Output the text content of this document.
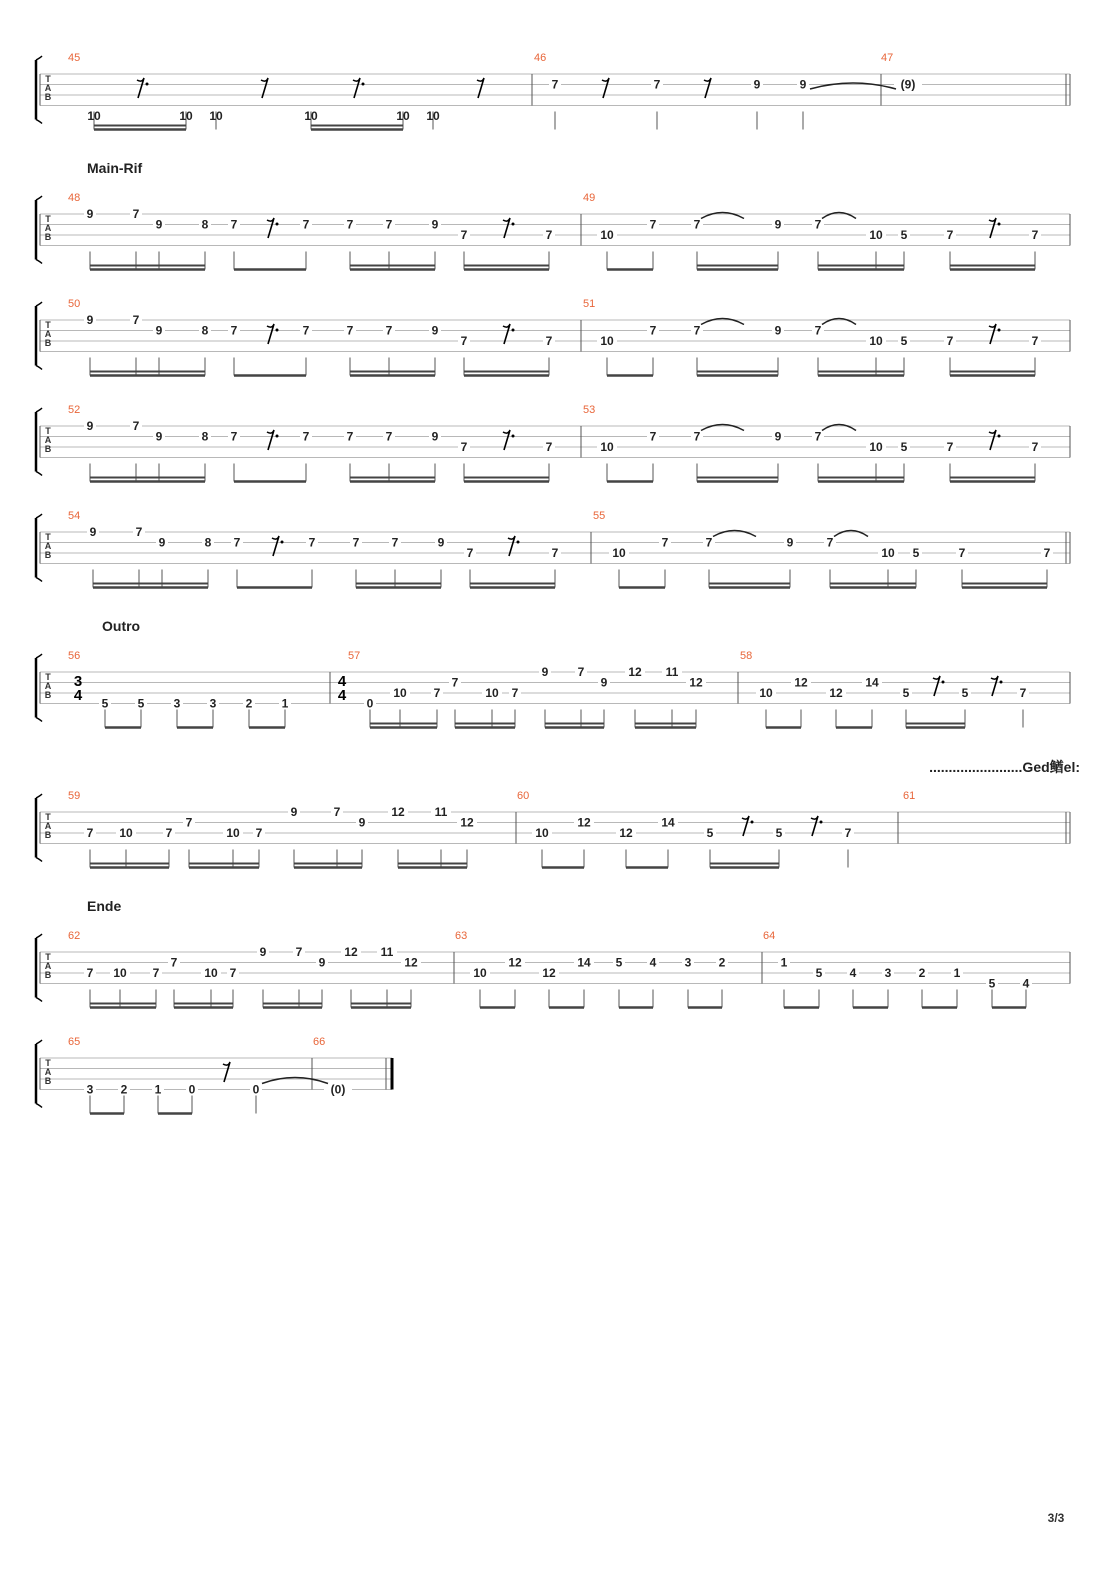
T
A
B
45	46	47
T
A
B
48	49
Main-Rif
T
A
B
50	51
T
A
B
52	53
T
A
B
54	55
T
A
B
56	57	58
Outro
T
A
B
59	60	61
T
A
B
62	63	64
Ende
T
A
B
65	66
3
4
4
4
10	10 10	10	10 10
7	7	9	9	(9)
9	7
9	8 7	7	7	7	9
7	7	10
7	7	9	7
10 5	7	7
9	7
9	8 7	7	7	7	9
7	7	10
7	7	9	7
10 5	7	7
9	7
9	8 7	7	7	7	9
7	7	10
7	7	9	7
10 5	7	7
9	7
9	8 7	7	7	7	9
7	7	10
7	7	9	7
10 5	7	7
5 5 3 3 2 1	0
10 7
7
10 7
9 7
9
12 11
12
10
12
12
14
5	5	7
7 10	7
7
10 7
9	7
9
12 11
12
10
12
12
14
5	5	7
7 10 7
7
10 7
9 7
9
12 11
12
10
12
12
14 5 4 3 2	1
5 4 3 2 1
5 4
3 2 1 0	0	(0)
3/3
........................Ged䲡el:
